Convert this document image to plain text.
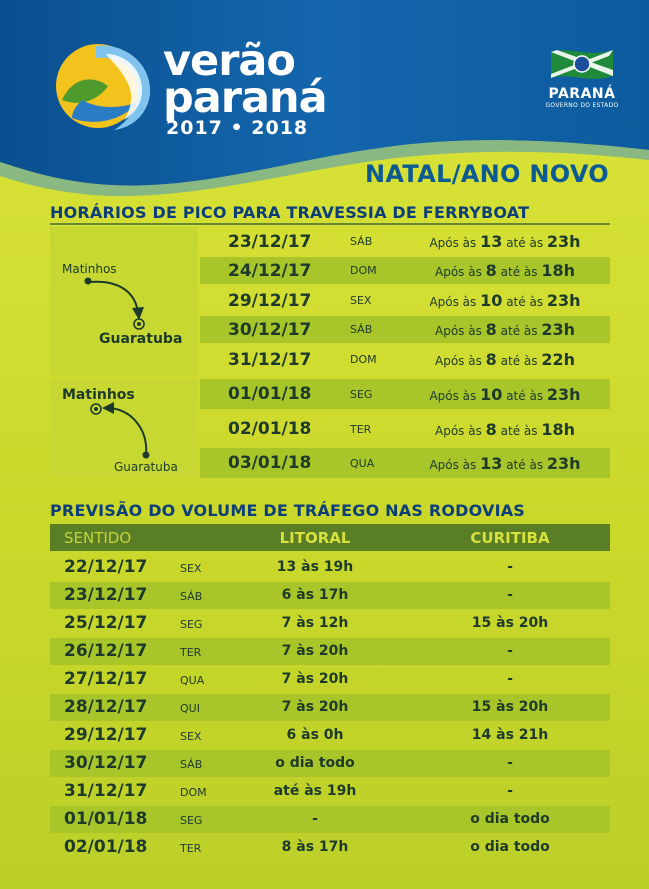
verão
paraná
2017 • 2018
PARANÁ
GOVERNO DO ESTADO
NATAL/ANO NOVO
HORÁRIOS DE PICO PARA TRAVESSIA DE FERRYBOAT
Matinhos
Guaratuba
Matinhos
Guaratuba
23/12/17	SÁB	Após às 13 até às 23h
24/12/17	DOM	Após às 8 até às 18h
29/12/17	SEX	Após às 10 até às 23h
30/12/17	SÁB	Após às 8 até às 23h
31/12/17	DOM	Após às 8 até às 22h
01/01/18	SEG	Após às 10 até às 23h
02/01/18	TER	Após às 8 até às 18h
03/01/18	QUA	Após às 13 até às 23h
PREVISÃO DO VOLUME DE TRÁFEGO NAS RODOVIAS
SENTIDO	LITORAL	CURITIBA
22/12/17	SEX	13 às 19h	-
23/12/17	SÁB	6 às 17h	-
25/12/17	SEG	7 às 12h	15 às 20h
26/12/17	TER	7 às 20h	-
27/12/17	QUA	7 às 20h	-
28/12/17	QUI	7 às 20h	15 às 20h
29/12/17	SEX	6 às 0h	14 às 21h
30/12/17	SÁB	o dia todo	-
31/12/17	DOM	até às 19h	-
01/01/18	SEG	-	o dia todo
02/01/18	TER	8 às 17h	o dia todo
